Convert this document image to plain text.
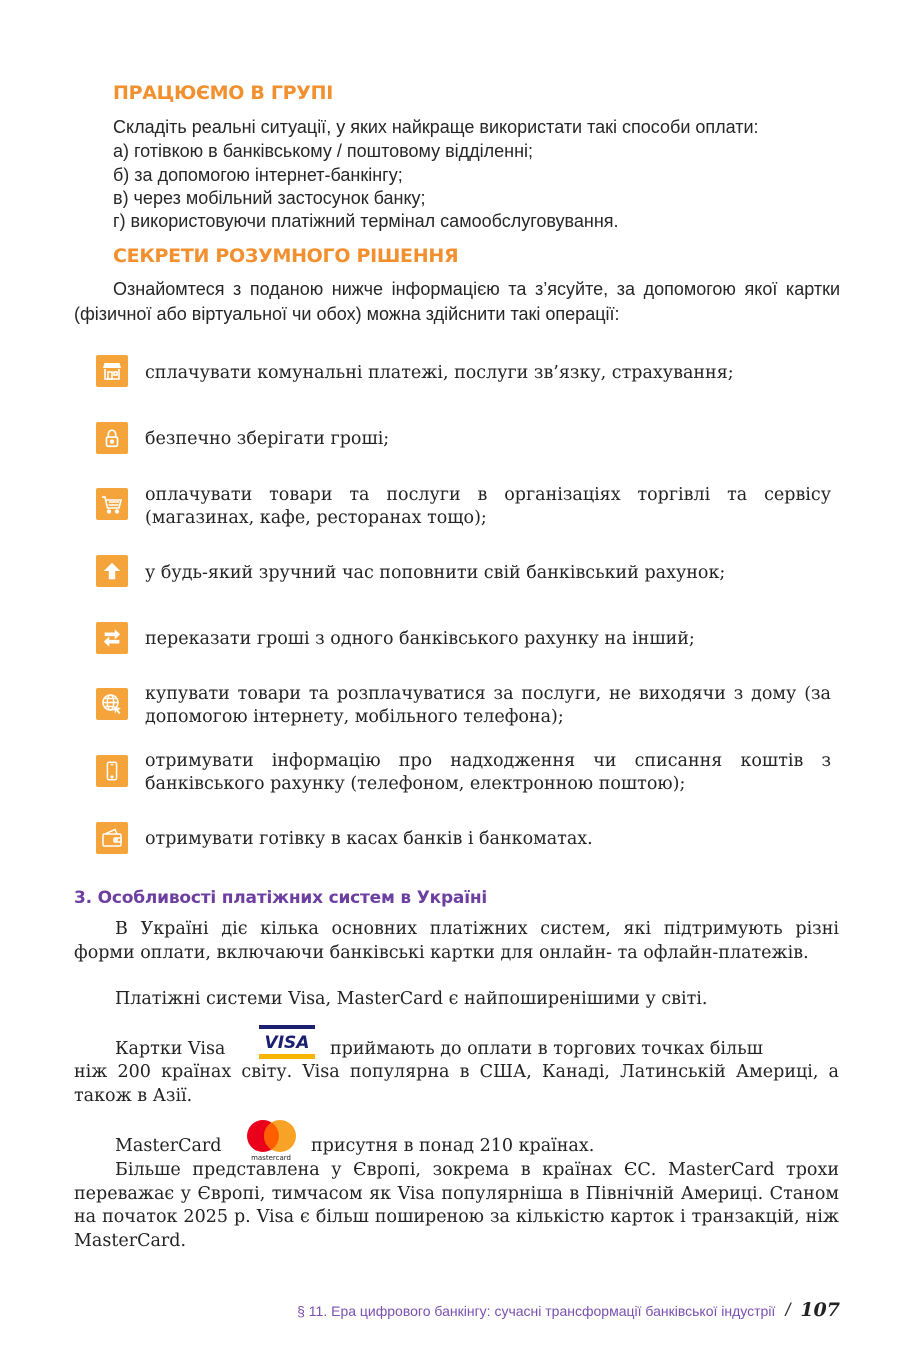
ПРАЦЮЄМО В ГРУПІ
Складіть реальні ситуації, у яких найкраще використати такі способи оплати:
а) готівкою в банківському / поштовому відділенні;
б) за допомогою інтернет-банкінгу;
в) через мобільний застосунок банку;
г) використовуючи платіжний термінал самообслуговування.
СЕКРЕТИ РОЗУМНОГО РІШЕННЯ
Ознайомтеся з поданою нижче інформацією та з’ясуйте, за допомогою якої картки (фізичної або віртуальної чи обох) можна здійснити такі операції:
сплачувати комунальні платежі, послуги зв’язку, страхування;
безпечно зберігати гроші;
оплачувати товари та послуги в організаціях торгівлі та сервісу (магазинах, кафе, ресторанах тощо);
у будь-який зручний час поповнити свій банківський рахунок;
переказати гроші з одного банківського рахунку на інший;
купувати товари та розплачуватися за послуги, не виходячи з дому (за допомогою інтернету, мобільного телефона);
отримувати інформацію про надходження чи списання коштів з банківського рахунку (телефоном, електронною поштою);
отримувати готівку в касах банків і банкоматах.
3. Особливості платіжних систем в Україні
В Україні діє кілька основних платіжних систем, які підтримують різні форми оплати, включаючи банківські картки для онлайн- та офлайн-платежів.
Платіжні системи Visa, MasterCard є найпоширенішими у світі.
Картки Visa VISA приймають до оплати в торгових точках більш
ніж 200 країнах світу. Visa популярна в США, Канаді, Латинській Америці, а також в Азії.
MasterCard
mastercard
присутня в понад 210 країнах.
Більше представлена у Європі, зокрема в країнах ЄС. MasterCard трохи переважає у Європі, тимчасом як Visa популярніша в Північній Америці. Станом на початок 2025 р. Visa є більш поширеною за кількістю карток і транзакцій, ніж MasterCard.
§ 11. Ера цифрового банкінгу: сучасні трансформації банківської індустрії / 107
